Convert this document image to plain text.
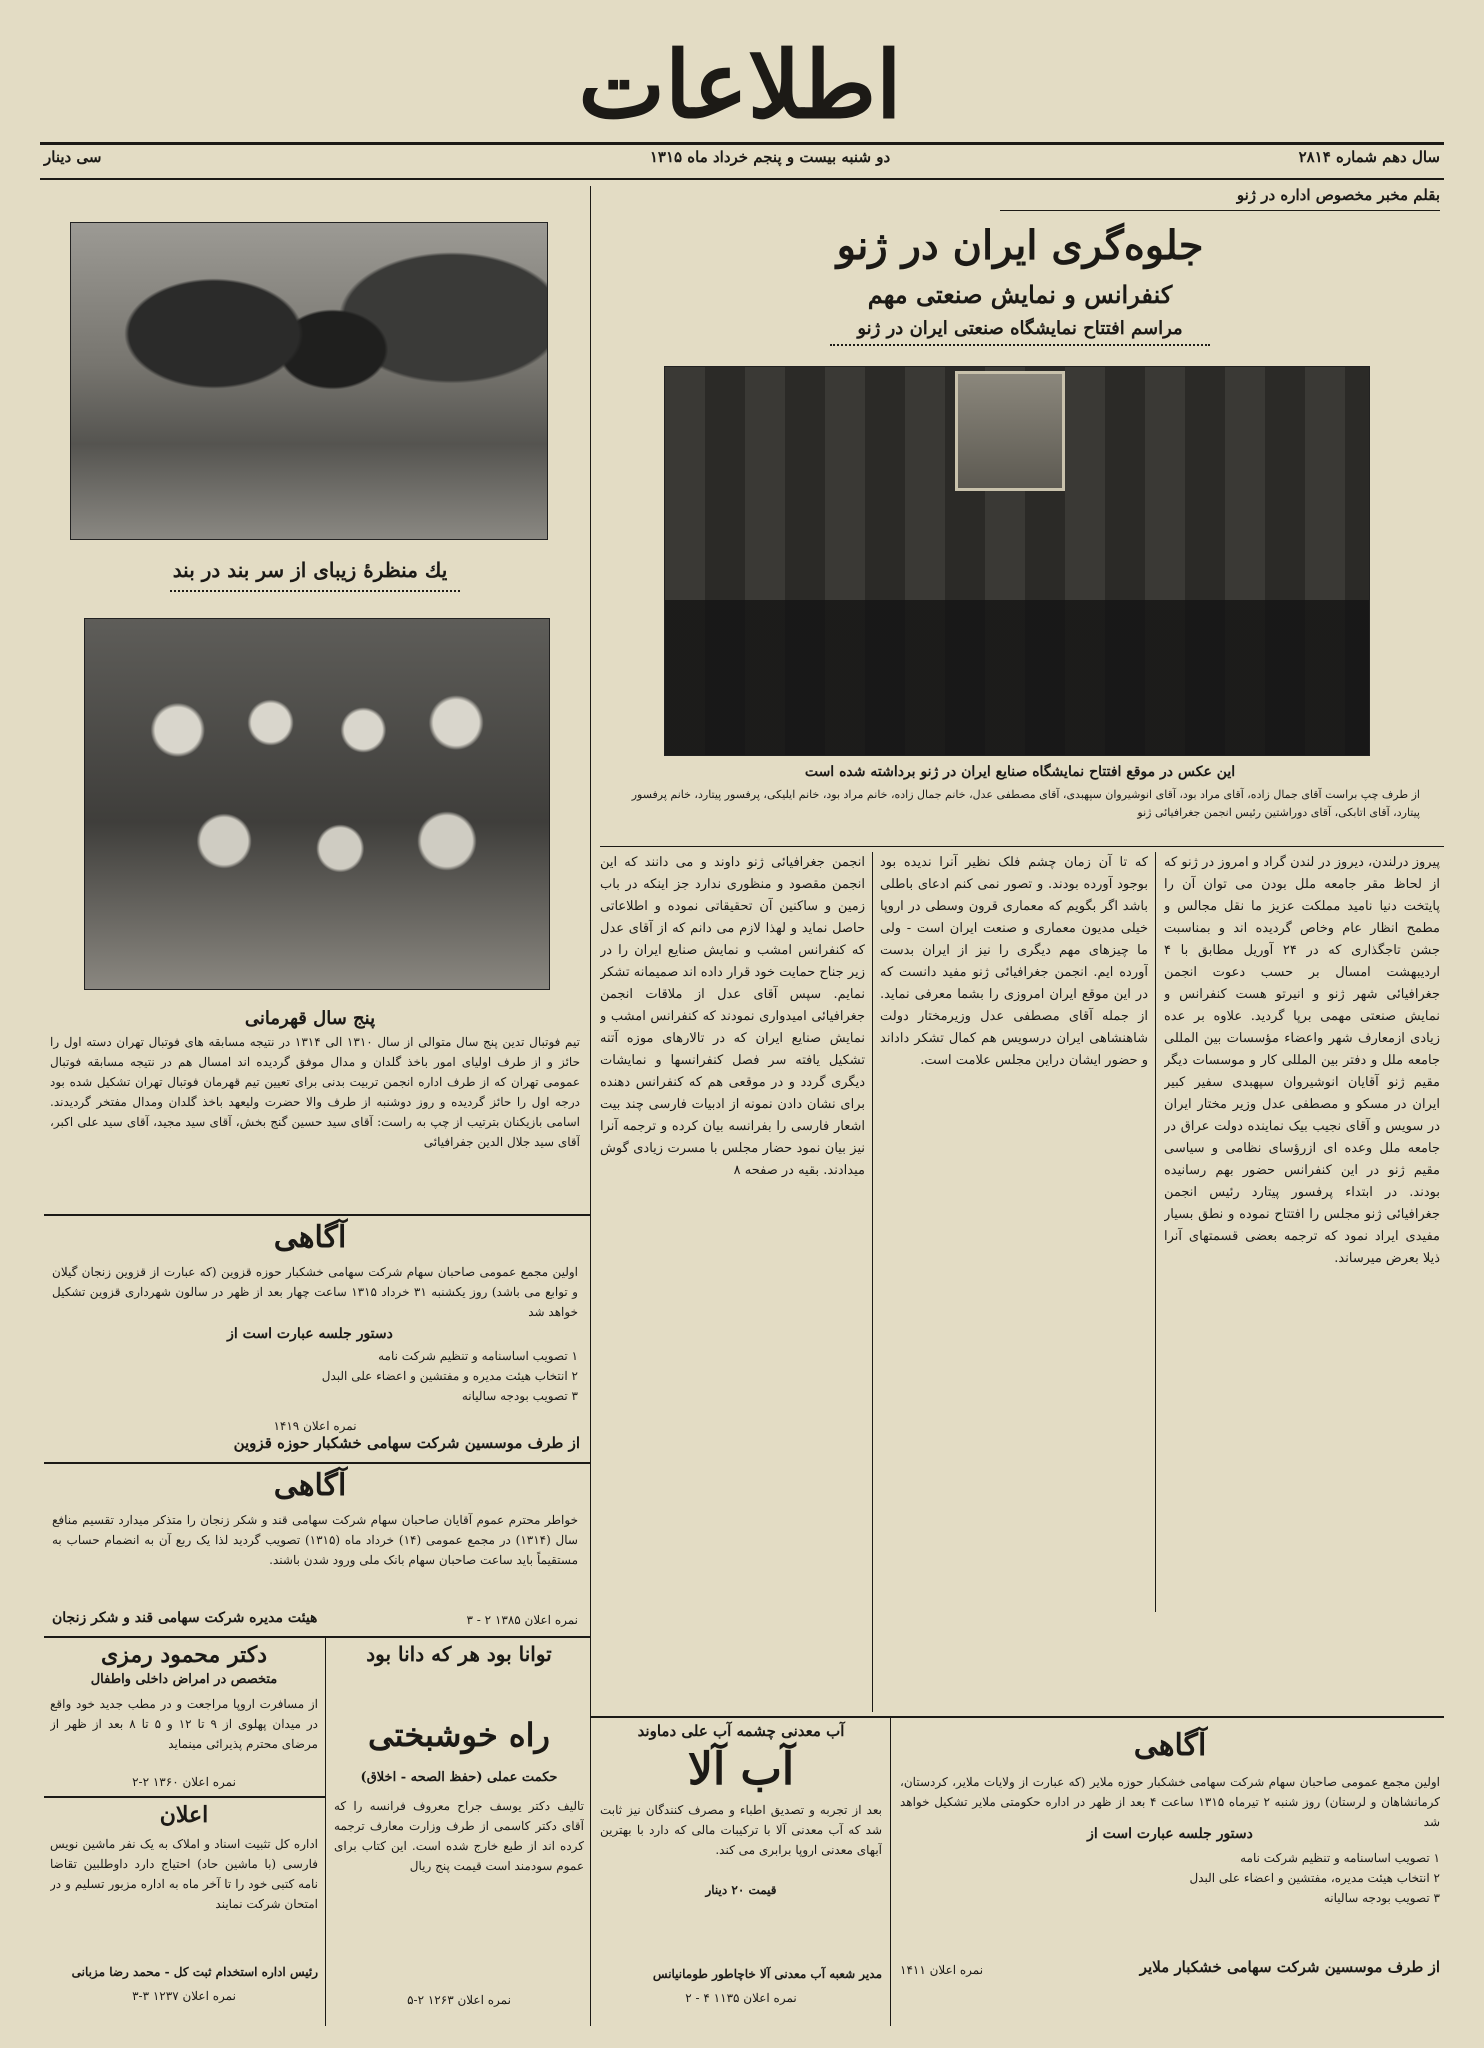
اطلاعات
سال دهم شماره ۲۸۱۴
دو شنبه بیست و پنجم خرداد ماه ۱۳۱۵
سی دینار
بقلم مخبر مخصوص اداره در ژنو
جلوه‌گری ایران در ژنو
کنفرانس و نمایش صنعتی مهم
مراسم افتتاح نمایشگاه صنعتی ایران در ژنو
این عکس در موقع افتتاح نمایشگاه صنایع ایران در ژنو برداشته شده است
از طرف چپ براست آقای جمال زاده، آقای مراد بود، آقای انوشیروان سپهبدی، آقای مصطفی عدل، خانم جمال زاده، خانم مراد بود، خانم ایلیکی، پرفسور پیتارد، خانم پرفسور پیتارد، آقای اتابکی، آقای دوراشتین رئیس انجمن جغرافیائی ژنو
پیروز درلندن، دیروز در لندن گراد و امروز در ژنو که از لحاظ مقر جامعه ملل بودن می توان آن را پایتخت دنیا نامید مملکت عزیز ما نقل مجالس و مطمح انظار عام وخاص گردیده اند و بمناسبت جشن تاجگذاری که در ۲۴ آوریل مطابق با ۴ اردیبهشت امسال بر حسب دعوت انجمن جغرافیائی شهر ژنو و انیرتو هست کنفرانس و نمایش صنعتی مهمی برپا گردید. علاوه بر عده زیادی ازمعارف شهر واعضاء مؤسسات بین المللی جامعه ملل و دفتر بین المللی کار و موسسات دیگر مقیم ژنو آقایان انوشیروان سپهبدی سفیر کبیر ایران در مسکو و مصطفی عدل وزیر مختار ایران در سویس و آقای نجیب بیک نماینده دولت عراق در جامعه ملل وعده ای ازرؤسای نظامی و سیاسی مقیم ژنو در این کنفرانس حضور بهم رسانیده بودند. در ابتداء پرفسور پیتارد رئیس انجمن جغرافیائی ژنو مجلس را افتتاح نموده و نطق بسیار مفیدی ایراد نمود که ترجمه بعضی قسمتهای آنرا ذیلا بعرض میرساند.
که تا آن زمان چشم فلک نظیر آنرا ندیده بود بوجود آورده بودند. و تصور نمی کنم ادعای باطلی باشد اگر بگویم که معماری قرون وسطی در اروپا خیلی مدیون معماری و صنعت ایران است - ولی ما چیزهای مهم دیگری را نیز از ایران بدست آورده ایم. انجمن جغرافیائی ژنو مفید دانست که در این موقع ایران امروزی را بشما معرفی نماید. از جمله آقای مصطفی عدل وزیرمختار دولت شاهنشاهی ایران درسویس هم کمال تشکر داداند و حضور ایشان دراین مجلس علامت است.
انجمن جغرافیائی ژنو داوند و می دانند که این انجمن مقصود و منظوری ندارد جز اینکه در باب زمین و ساکنین آن تحقیقاتی نموده و اطلاعاتی حاصل نماید و لهذا لازم می دانم که از آقای عدل که کنفرانس امشب و نمایش صنایع ایران را در زیر جناح حمایت خود قرار داده اند صمیمانه تشکر نمایم. سپس آقای عدل از ملاقات انجمن جغرافیائی امیدواری نمودند که کنفرانس امشب و نمایش صنایع ایران که در تالارهای موزه آتنه تشکیل یافته سر فصل کنفرانسها و نمایشات دیگری گردد و در موقعی هم که کنفرانس دهنده برای نشان دادن نمونه از ادبیات فارسی چند بیت اشعار فارسی را بفرانسه بیان کرده و ترجمه آنرا نیز بیان نمود حضار مجلس با مسرت زیادی گوش میدادند. بقیه در صفحه ۸
یك منظرهٔ زیبای از سر بند در بند
پنج سال قهرمانی
تیم فوتبال تدین پنج سال متوالی از سال ۱۳۱۰ الی ۱۳۱۴ در نتیجه مسابقه های فوتبال تهران دسته اول را حائز و از طرف اولیای امور باخذ گلدان و مدال موفق گردیده اند امسال هم در نتیجه مسابقه فوتبال عمومی تهران که از طرف اداره انجمن تربیت بدنی برای تعیین تیم قهرمان فوتبال تهران تشکیل شده بود درجه اول را حائز گردیده و روز دوشنبه از طرف والا حضرت ولیعهد باخذ گلدان ومدال مفتخر گردیدند. اسامی بازیکنان بترتیب از چپ به راست: آقای سید حسین گنج بخش، آقای سید مجید، آقای سید علی اکبر، آقای سید جلال الدین جفرافیائی
آگاهی
اولین مجمع عمومی صاحبان سهام شرکت سهامی خشکبار حوزه قزوین (که عبارت از قزوین زنجان گیلان و توابع می باشد) روز یکشنبه ۳۱ خرداد ۱۳۱۵ ساعت چهار بعد از ظهر در سالون شهرداری قزوین تشکیل خواهد شد
دستور جلسه عبارت است از
۱ تصویب اساسنامه و تنظیم شرکت نامه
۲ انتخاب هیئت مدیره و مفتشین و اعضاء علی البدل
۳ تصویب بودجه سالیانه
از طرف موسسین شرکت سهامی خشکبار حوزه قزوین
نمره اعلان ۱۴۱۹
آگاهی
خواطر محترم عموم آقایان صاحبان سهام شرکت سهامی قند و شکر زنجان را متذکر میدارد تقسیم منافع سال (۱۳۱۴) در مجمع عمومی (۱۴) خرداد ماه (۱۳۱۵) تصویب گردید لذا یک ربع آن به انضمام حساب به مستقیماً باید ساعت صاحبان سهام بانک ملی ورود شدن باشند.
هیئت مدیره شرکت سهامی قند و شکر زنجان	نمره اعلان ۱۳۸۵ ۲ - ۳
دکتر محمود رمزی
متخصص در امراض داخلی واطفال
از مسافرت اروپا مراجعت و در مطب جدید خود واقع در میدان پهلوی از ۹ تا ۱۲ و ۵ تا ۸ بعد از ظهر از مرضای محترم پذیرائی مینماید
نمره اعلان ۱۳۶۰ ۲-۲
اعلان
اداره کل تثبیت اسناد و املاک به یک نفر ماشین نویس فارسی (با ماشین حاد) احتیاج دارد داوطلبین تقاضا نامه کتبی خود را تا آخر ماه به اداره مزبور تسلیم و در امتحان شرکت نمایند
رئیس اداره استخدام ثبت کل - محمد رضا مزبانی
نمره اعلان ۱۲۳۷ ۳-۳
توانا بود هر که دانا بود
راه خوشبختی
حکمت عملی (حفظ الصحه - اخلاق)
تالیف دکتر یوسف جراح معروف فرانسه را که آقای دکتر کاسمی از طرف وزارت معارف ترجمه کرده اند از طبع خارج شده است. این کتاب برای عموم سودمند است قیمت پنج ریال
نمره اعلان ۱۲۶۳ ۲-۵
آب معدنی چشمه آب علی دماوند
آب آلا
بعد از تجربه و تصدیق اطباء و مصرف کنندگان نیز ثابت شد که آب معدنی آلا با ترکیبات مالی که دارد با بهترین آبهای معدنی اروپا برابری می کند.
قیمت ۲۰ دینار
مدیر شعبه آب معدنی آلا خاچاطور طومانیانس
نمره اعلان ۱۱۳۵ ۴ - ۲
آگاهی
اولین مجمع عمومی صاحبان سهام شرکت سهامی خشکبار حوزه ملایر (که عبارت از ولایات ملایر، کردستان، کرمانشاهان و لرستان) روز شنبه ۲ تیرماه ۱۳۱۵ ساعت ۴ بعد از ظهر در اداره حکومتی ملایر تشکیل خواهد شد
دستور جلسه عبارت است از
۱ تصویب اساسنامه و تنظیم شرکت نامه
۲ انتخاب هیئت مدیره، مفتشین و اعضاء علی البدل
۳ تصویب بودجه سالیانه
از طرف موسسین شرکت سهامی خشکبار ملایر
نمره اعلان ۱۴۱۱
